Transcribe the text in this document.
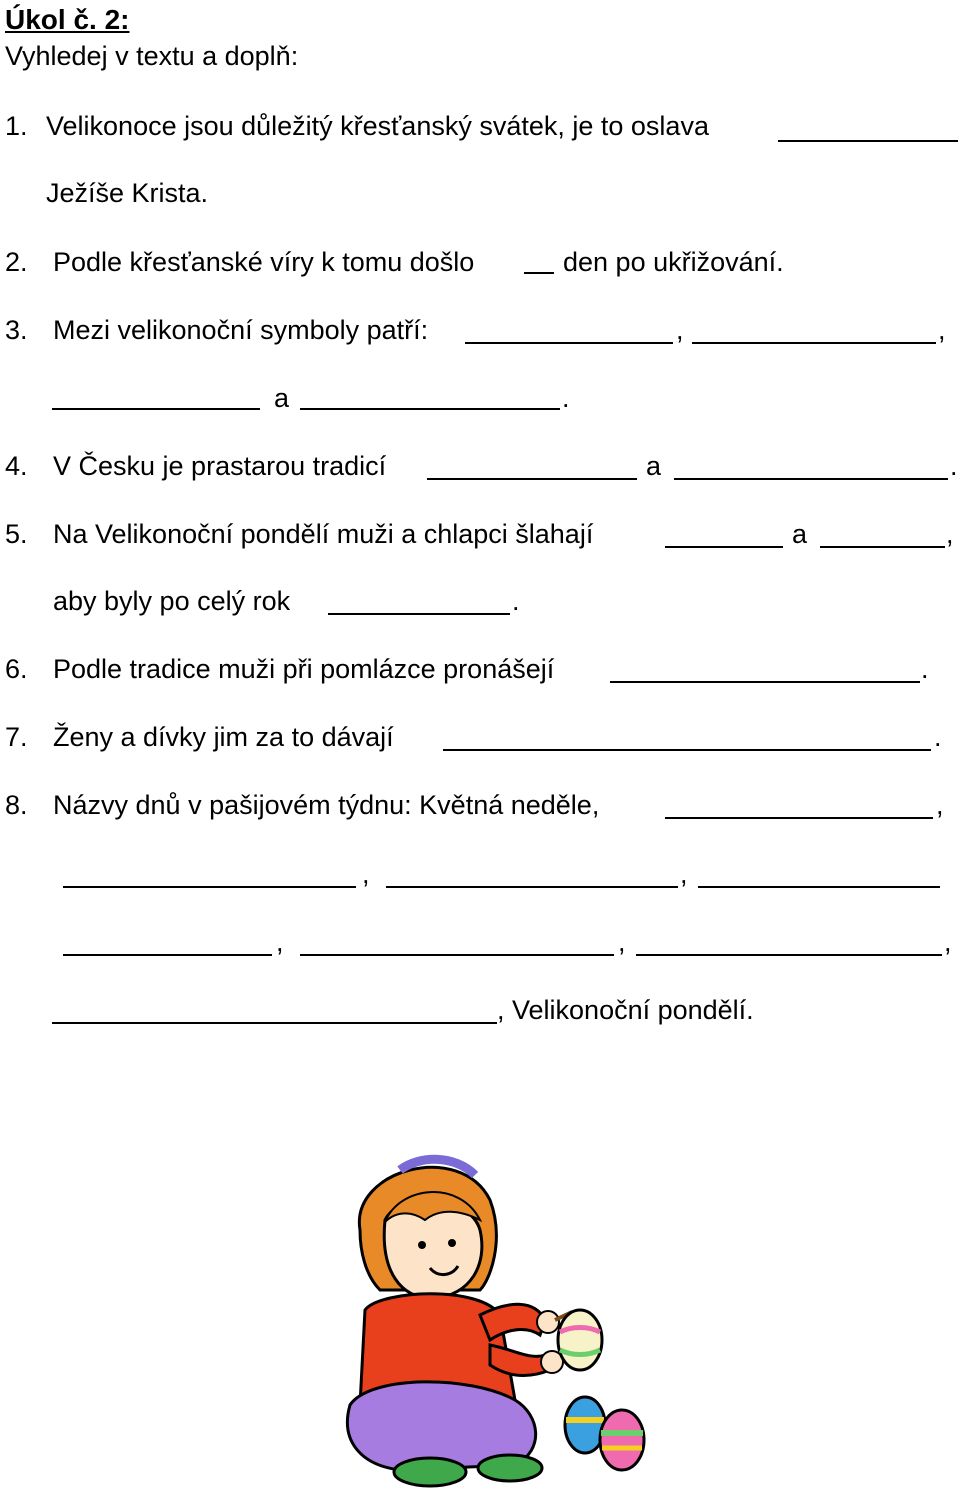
Úkol č. 2:
Vyhledej v textu a doplň:
1. Velikonoce jsou důležitý křesťanský svátek, je to oslava
Ježíše Krista.
2. Podle křesťanské víry k tomu došlo	den po ukřižování.
3. Mezi velikonoční symboly patří:	,	,
a	.
4. V Česku je prastarou tradicí	a	.
5. Na Velikonoční pondělí muži a chlapci šlahají	a	,
aby byly po celý rok	.
6. Podle tradice muži při pomlázce pronášejí	.
7. Ženy a dívky jim za to dávají	.
8. Názvy dnů v pašijovém týdnu: Květná neděle,	,
,	,
,	,	,
, Velikonoční pondělí.
